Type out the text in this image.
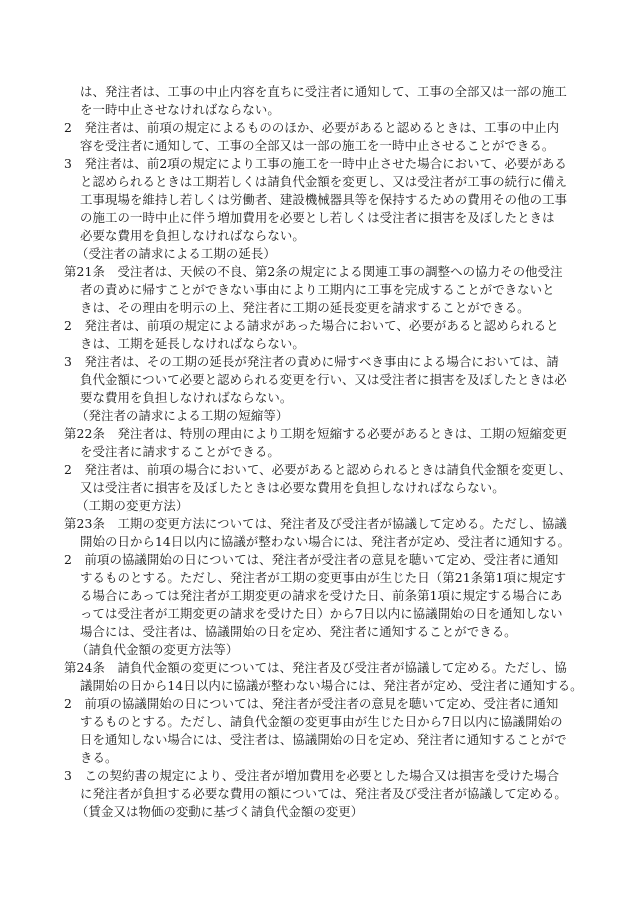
は、発注者は、工事の中止内容を直ちに受注者に通知して、工事の全部又は一部の施工

を一時中止させなければならない。

2　発注者は、前項の規定によるもののほか、必要があると認めるときは、工事の中止内

容を受注者に通知して、工事の全部又は一部の施工を一時中止させることができる。

3　発注者は、前2項の規定により工事の施工を一時中止させた場合において、必要がある

と認められるときは工期若しくは請負代金額を変更し、又は受注者が工事の続行に備え

工事現場を維持し若しくは労働者、建設機械器具等を保持するための費用その他の工事

の施工の一時中止に伴う増加費用を必要とし若しくは受注者に損害を及ぼしたときは

必要な費用を負担しなければならない。

（受注者の請求による工期の延長）

第21条　受注者は、天候の不良、第2条の規定による関連工事の調整への協力その他受注

者の責めに帰すことができない事由により工期内に工事を完成することができないと

きは、その理由を明示の上、発注者に工期の延長変更を請求することができる。

2　発注者は、前項の規定による請求があった場合において、必要があると認められると

きは、工期を延長しなければならない。

3　発注者は、その工期の延長が発注者の責めに帰すべき事由による場合においては、請

負代金額について必要と認められる変更を行い、又は受注者に損害を及ぼしたときは必

要な費用を負担しなければならない。

（発注者の請求による工期の短縮等）

第22条　発注者は、特別の理由により工期を短縮する必要があるときは、工期の短縮変更

を受注者に請求することができる。

2　発注者は、前項の場合において、必要があると認められるときは請負代金額を変更し、

又は受注者に損害を及ぼしたときは必要な費用を負担しなければならない。

（工期の変更方法）

第23条　工期の変更方法については、発注者及び受注者が協議して定める。ただし、協議

開始の日から14日以内に協議が整わない場合には、発注者が定め、受注者に通知する。

2　前項の協議開始の日については、発注者が受注者の意見を聴いて定め、受注者に通知

するものとする。ただし、発注者が工期の変更事由が生じた日（第21条第1項に規定す

る場合にあっては発注者が工期変更の請求を受けた日、前条第1項に規定する場合にあ

っては受注者が工期変更の請求を受けた日）から7日以内に協議開始の日を通知しない

場合には、受注者は、協議開始の日を定め、発注者に通知することができる。

（請負代金額の変更方法等）

第24条　請負代金額の変更については、発注者及び受注者が協議して定める。ただし、協

議開始の日から14日以内に協議が整わない場合には、発注者が定め、受注者に通知する。

2　前項の協議開始の日については、発注者が受注者の意見を聴いて定め、受注者に通知

するものとする。ただし、請負代金額の変更事由が生じた日から7日以内に協議開始の

日を通知しない場合には、受注者は、協議開始の日を定め、発注者に通知することがで

きる。

3　この契約書の規定により、受注者が増加費用を必要とした場合又は損害を受けた場合

に発注者が負担する必要な費用の額については、発注者及び受注者が協議して定める。

（賃金又は物価の変動に基づく請負代金額の変更）
